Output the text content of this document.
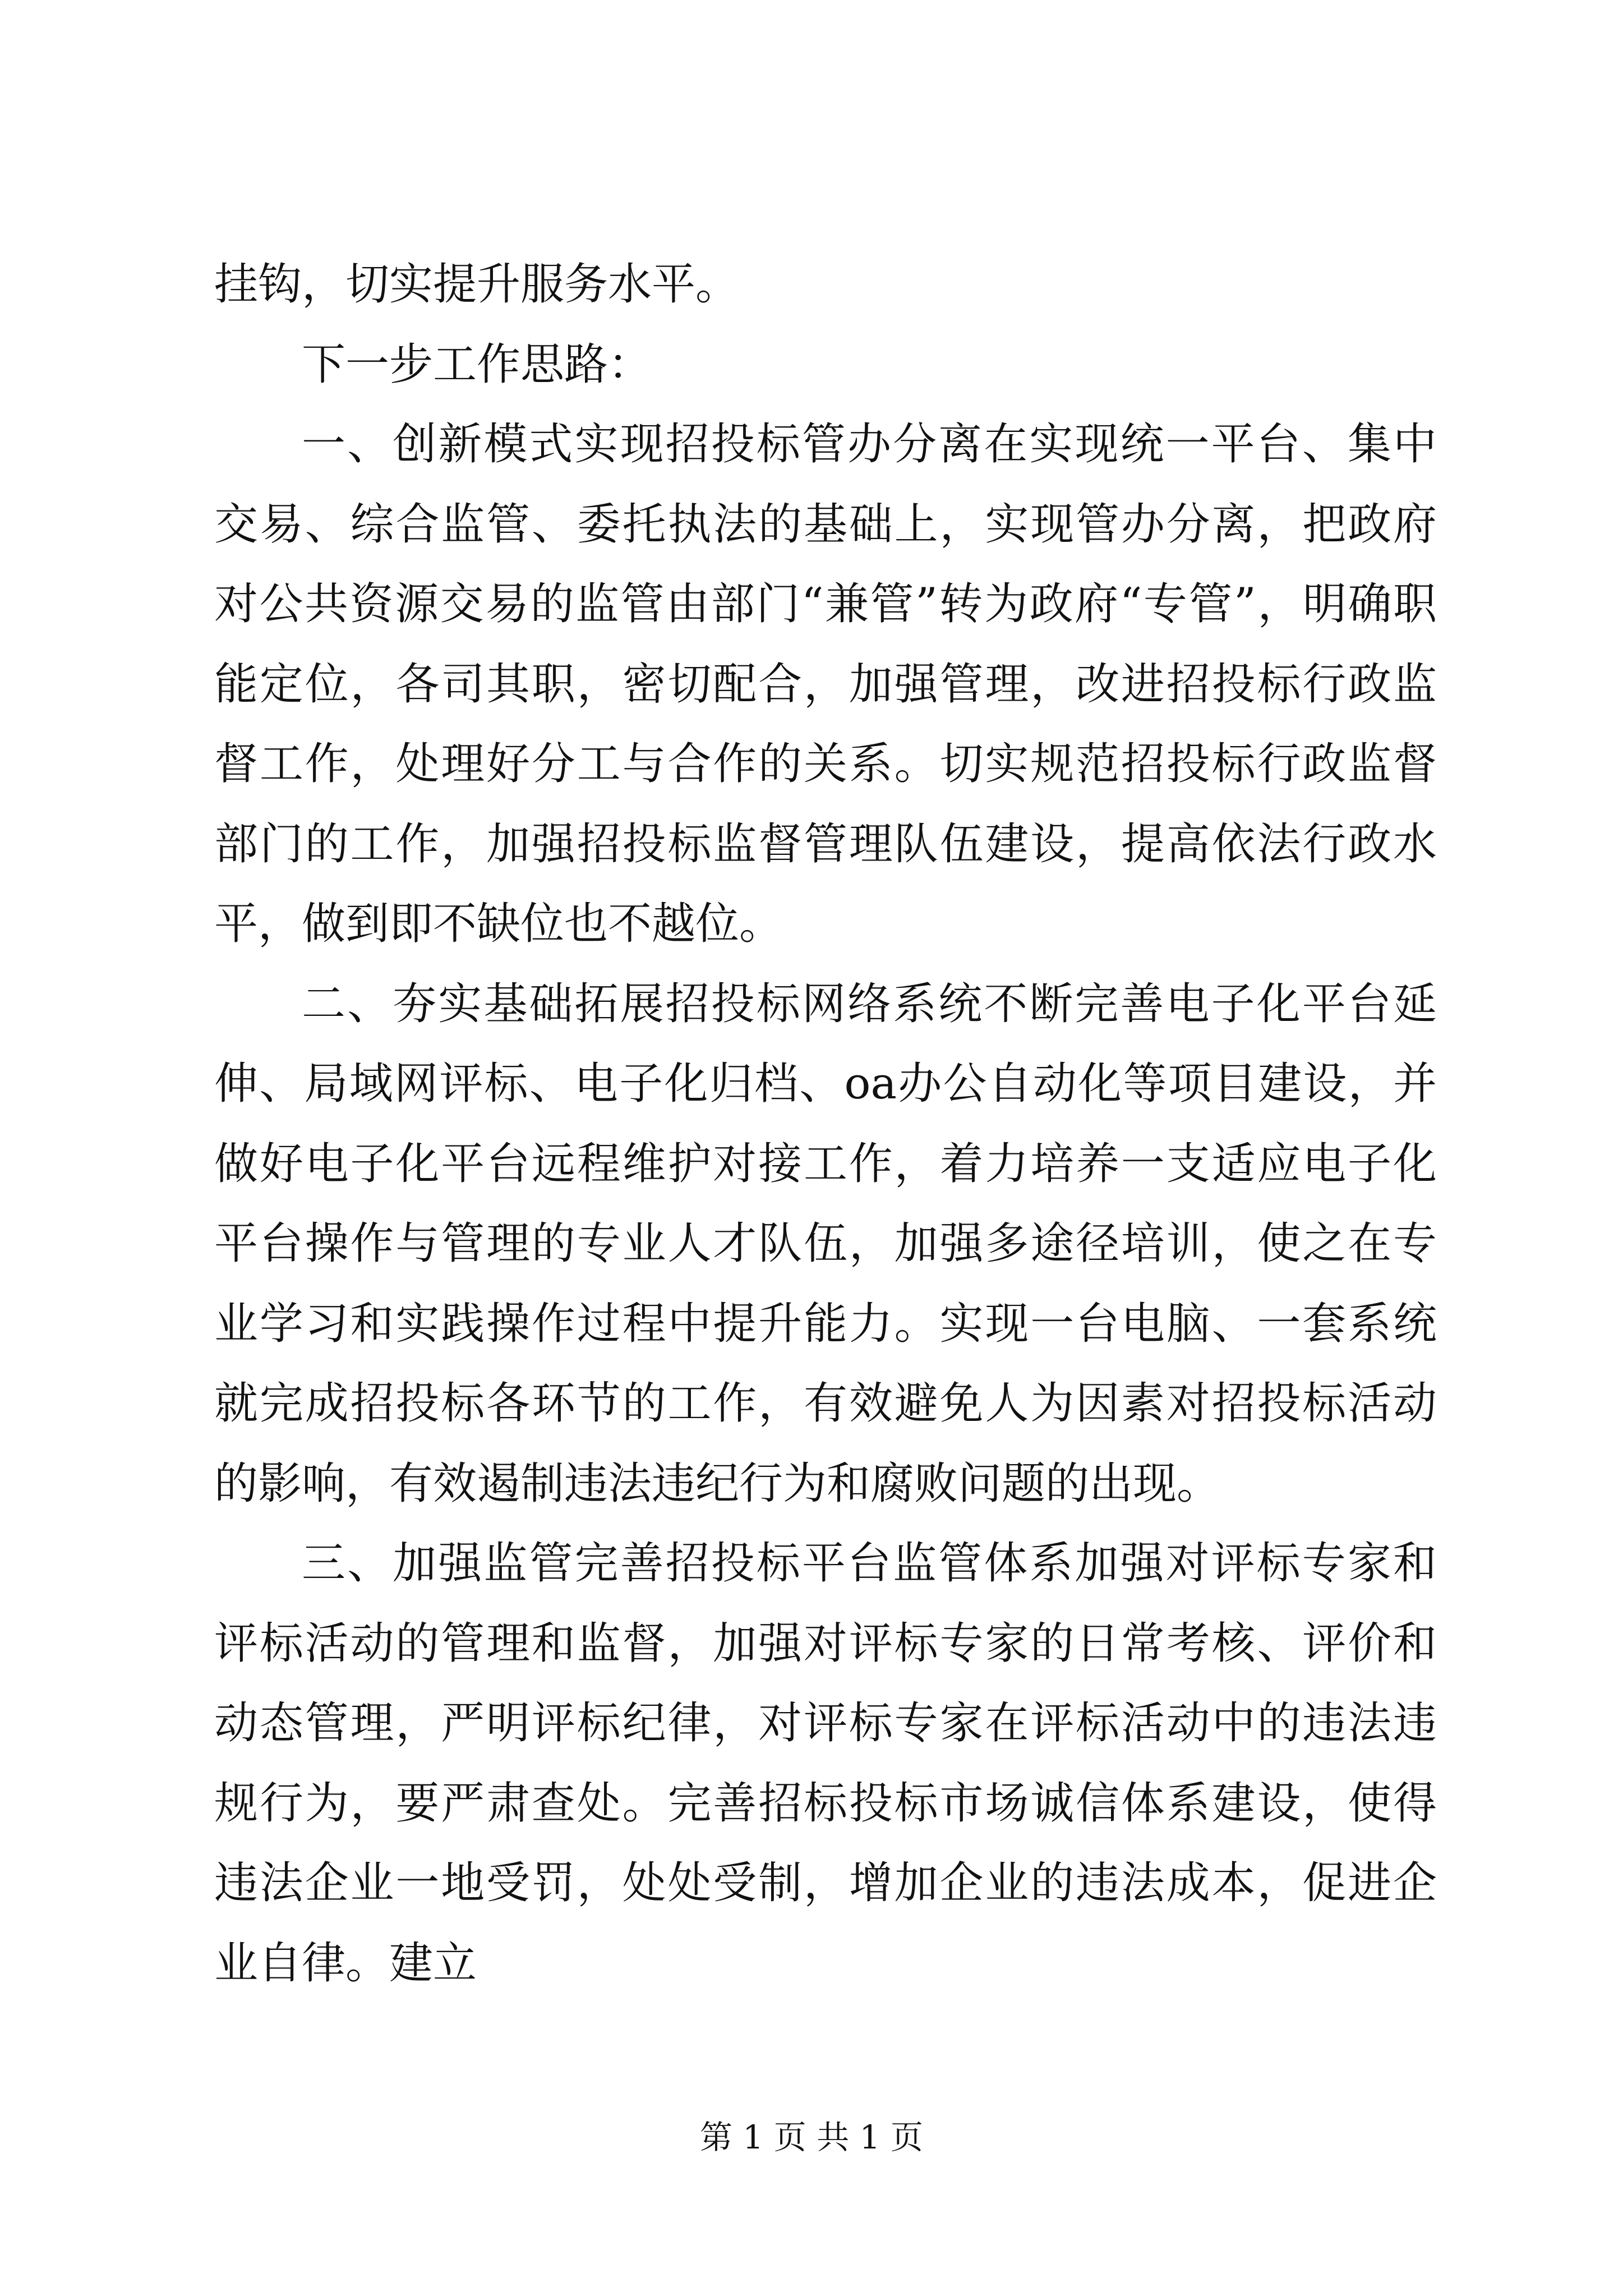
挂钩，切实提升服务水平。

下一步工作思路：

一、创新模式实现招投标管办分离在实现统一平台、集中交易、综合监管、委托执法的基础上，实现管办分离，把政府对公共资源交易的监管由部门“兼管”转为政府“专管”，明确职能定位，各司其职，密切配合，加强管理，改进招投标行政监督工作，处理好分工与合作的关系。切实规范招投标行政监督部门的工作，加强招投标监督管理队伍建设，提高依法行政水平，做到即不缺位也不越位。

二、夯实基础拓展招投标网络系统不断完善电子化平台延伸、局域网评标、电子化归档、oa办公自动化等项目建设，并做好电子化平台远程维护对接工作，着力培养一支适应电子化平台操作与管理的专业人才队伍，加强多途径培训，使之在专业学习和实践操作过程中提升能力。实现一台电脑、一套系统就完成招投标各环节的工作，有效避免人为因素对招投标活动的影响，有效遏制违法违纪行为和腐败问题的出现。

三、加强监管完善招投标平台监管体系加强对评标专家和评标活动的管理和监督，加强对评标专家的日常考核、评价和动态管理，严明评标纪律，对评标专家在评标活动中的违法违规行为，要严肃查处。完善招标投标市场诚信体系建设，使得违法企业一地受罚，处处受制，增加企业的违法成本，促进企业自律。建立

第 1 页 共 1 页
